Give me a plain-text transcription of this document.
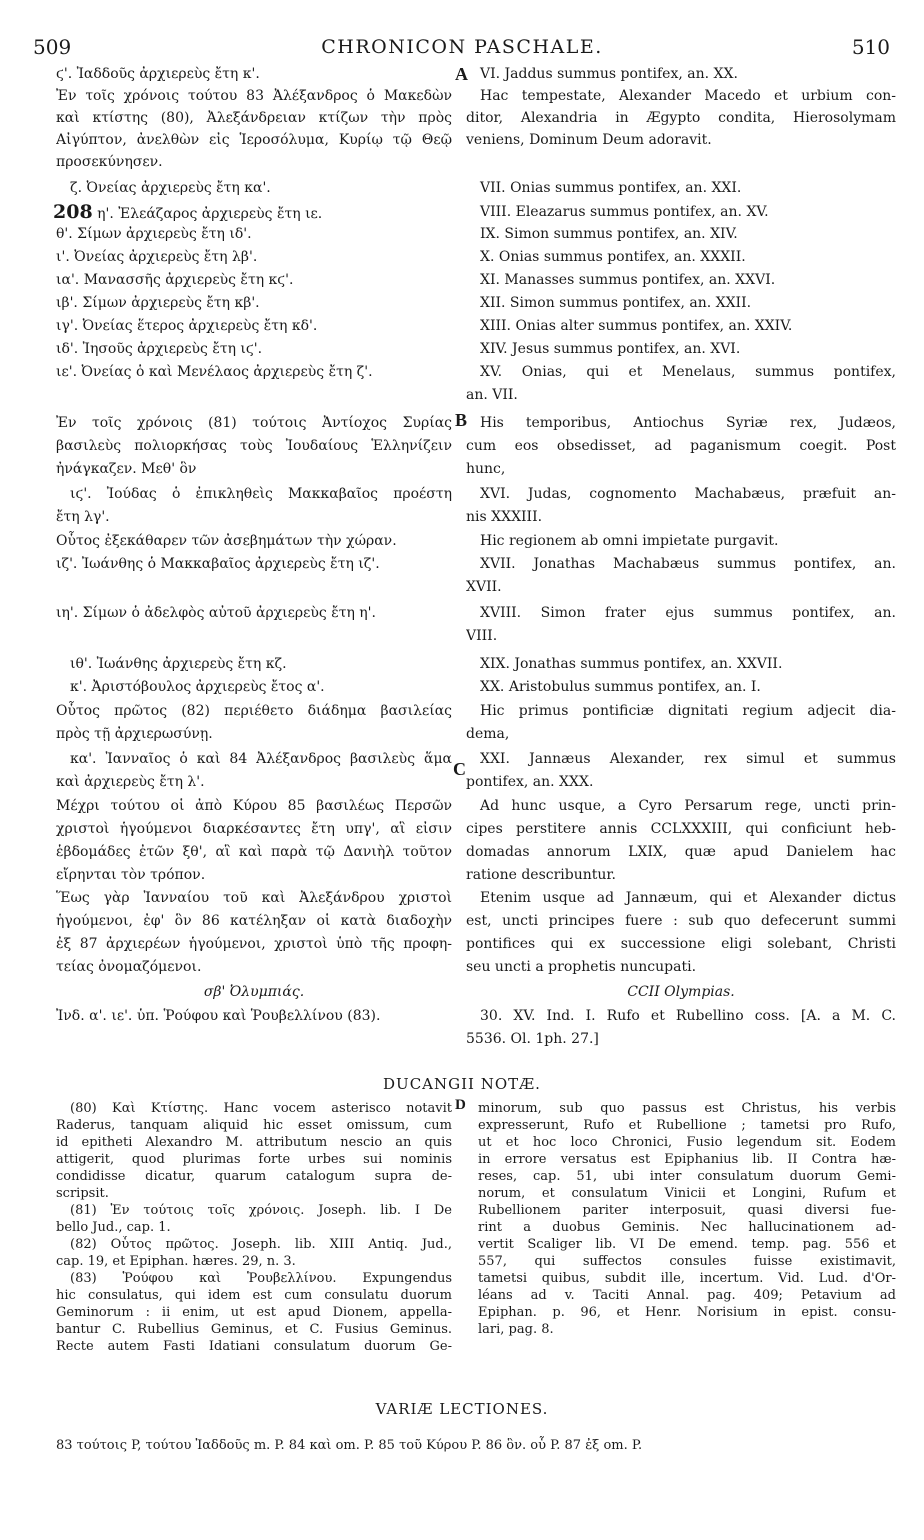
509	CHRONICON PASCHALE.	510
A
B
C
D
ϛ'. Ἰαδδοῦς ἀρχιερεὺς ἔτη κ'.
Ἐν τοῖς χρόνοις τούτου 83 Ἀλέξανδρος ὁ Μακεδὼν
καὶ κτίστης (80), Ἀλεξάνδρειαν κτίζων τὴν πρὸς
Αἰγύπτον, ἀνελθὼν εἰς Ἱεροσόλυμα, Κυρίῳ τῷ Θεῷ
προσεκύνησεν.
ζ. Ὀνείας ἀρχιερεὺς ἔτη κα'.
208 η'. Ἐλεάζαρος ἀρχιερεὺς ἔτη ιε.
θ'. Σίμων ἀρχιερεὺς ἔτη ιδ'.
ι'. Ὀνείας ἀρχιερεὺς ἔτη λβ'.
ια'. Μανασσῆς ἀρχιερεὺς ἔτη κϛ'.
ιβ'. Σίμων ἀρχιερεὺς ἔτη κβ'.
ιγ'. Ὀνείας ἕτερος ἀρχιερεὺς ἔτη κδ'.
ιδ'. Ἰησοῦς ἀρχιερεὺς ἔτη ιϛ'.
ιε'. Ὀνείας ὁ καὶ Μενέλαος ἀρχιερεὺς ἔτη ζ'.
Ἐν τοῖς χρόνοις (81) τούτοις Ἀντίοχος Συρίας
βασιλεὺς πολιορκήσας τοὺς Ἰουδαίους Ἑλληνίζειν
ἠνάγκαζεν. Μεθ' ὃν
ιϛ'. Ἰούδας ὁ ἐπικληθεὶς Μακκαβαῖος προέστη
ἔτη λγ'.
Οὗτος ἐξεκάθαρεν τῶν ἀσεβημάτων τὴν χώραν.
ιζ'. Ἰωάνθης ὁ Μακκαβαῖος ἀρχιερεὺς ἔτη ιζ'.
ιη'. Σίμων ὁ ἀδελφὸς αὐτοῦ ἀρχιερεὺς ἔτη η'.
ιθ'. Ἰωάνθης ἀρχιερεὺς ἔτη κζ.
κ'. Ἀριστόβουλος ἀρχιερεὺς ἔτος α'.
Οὗτος πρῶτος (82) περιέθετο διάδημα βασιλείας
πρὸς τῇ ἀρχιερωσύνῃ.
κα'. Ἰανναῖος ὁ καὶ 84 Ἀλέξανδρος βασιλεὺς ἅμα
καὶ ἀρχιερεὺς ἔτη λ'.
Μέχρι τούτου οἱ ἀπὸ Κύρου 85 βασιλέως Περσῶν
χριστοὶ ἡγούμενοι διαρκέσαντες ἔτη υπγ', αἳ εἰσιν
ἑβδομάδες ἐτῶν ξθ', αἳ καὶ παρὰ τῷ Δανιὴλ τοῦτον
εἴρηνται τὸν τρόπον.
Ἕως γὰρ Ἰανναίου τοῦ καὶ Ἀλεξάνδρου χριστοὶ
ἡγούμενοι, ἐφ' ὃν 86 κατέληξαν οἱ κατὰ διαδοχὴν
ἐξ 87 ἀρχιερέων ἡγούμενοι, χριστοὶ ὑπὸ τῆς προφη-
τείας ὀνομαζόμενοι.
σβ' Ὀλυμπιάς.
Ἰνδ. α'. ιε'. ὑπ. Ῥούφου καὶ Ῥουβελλίνου (83).
VI. Jaddus summus pontifex, an. XX.
Hac tempestate, Alexander Macedo et urbium con-
ditor, Alexandria in Ægypto condita, Hierosolymam
veniens, Dominum Deum adoravit.
VII. Onias summus pontifex, an. XXI.
VIII. Eleazarus summus pontifex, an. XV.
IX. Simon summus pontifex, an. XIV.
X. Onias summus pontifex, an. XXXII.
XI. Manasses summus pontifex, an. XXVI.
XII. Simon summus pontifex, an. XXII.
XIII. Onias alter summus pontifex, an. XXIV.
XIV. Jesus summus pontifex, an. XVI.
XV. Onias, qui et Menelaus, summus pontifex,
an. VII.
His temporibus, Antiochus Syriæ rex, Judæos,
cum eos obsedisset, ad paganismum coegit. Post
hunc,
XVI. Judas, cognomento Machabæus, præfuit an-
nis XXXIII.
Hic regionem ab omni impietate purgavit.
XVII. Jonathas Machabæus summus pontifex, an.
XVII.
XVIII. Simon frater ejus summus pontifex, an.
VIII.
XIX. Jonathas summus pontifex, an. XXVII.
XX. Aristobulus summus pontifex, an. I.
Hic primus pontificiæ dignitati regium adjecit dia-
dema,
XXI. Jannæus Alexander, rex simul et summus
pontifex, an. XXX.
Ad hunc usque, a Cyro Persarum rege, uncti prin-
cipes perstitere annis CCLXXXIII, qui conficiunt heb-
domadas annorum LXIX, quæ apud Danielem hac
ratione describuntur.
Etenim usque ad Jannæum, qui et Alexander dictus
est, uncti principes fuere : sub quo defecerunt summi
pontifices qui ex successione eligi solebant, Christi
seu uncti a prophetis nuncupati.
CCII Olympias.
30. XV. Ind. I. Rufo et Rubellino coss. [A. a M. C.
5536. Ol. 1ph. 27.]
DUCANGII NOTÆ.
(80) Καὶ Κτίστης. Hanc vocem asterisco notavit
Raderus, tanquam aliquid hic esset omissum, cum
id epitheti Alexandro M. attributum nescio an quis
attigerit, quod plurimas forte urbes sui nominis
condidisse dicatur, quarum catalogum supra de-
scripsit.
(81) Ἐν τούτοις τοῖς χρόνοις. Joseph. lib. I De
bello Jud., cap. 1.
(82) Οὗτος πρῶτος. Joseph. lib. XIII Antiq. Jud.,
cap. 19, et Epiphan. hæres. 29, n. 3.
(83) Ῥούφου καὶ Ῥουβελλίνου. Expungendus
hic consulatus, qui idem est cum consulatu duorum
Geminorum : ii enim, ut est apud Dionem, appella-
bantur C. Rubellius Geminus, et C. Fusius Geminus.
Recte autem Fasti Idatiani consulatum duorum Ge-
minorum, sub quo passus est Christus, his verbis
expresserunt, Rufo et Rubellione ; tametsi pro Rufo,
ut et hoc loco Chronici, Fusio legendum sit. Eodem
in errore versatus est Epiphanius lib. II Contra hæ-
reses, cap. 51, ubi inter consulatum duorum Gemi-
norum, et consulatum Vinicii et Longini, Rufum et
Rubellionem pariter interposuit, quasi diversi fue-
rint a duobus Geminis. Nec hallucinationem ad-
vertit Scaliger lib. VI De emend. temp. pag. 556 et
557, qui suffectos consules fuisse existimavit,
tametsi quibus, subdit ille, incertum. Vid. Lud. d'Or-
léans ad v. Taciti Annal. pag. 409; Petavium ad
Epiphan. p. 96, et Henr. Norisium in epist. consu-
lari, pag. 8.
VARIÆ LECTIONES.
83 τούτοις P, τούτου Ἰαδδοῦς m. P. 84 καὶ om. P. 85 τοῦ Κύρου P. 86 ὃν. οὗ P. 87 ἐξ om. P.
